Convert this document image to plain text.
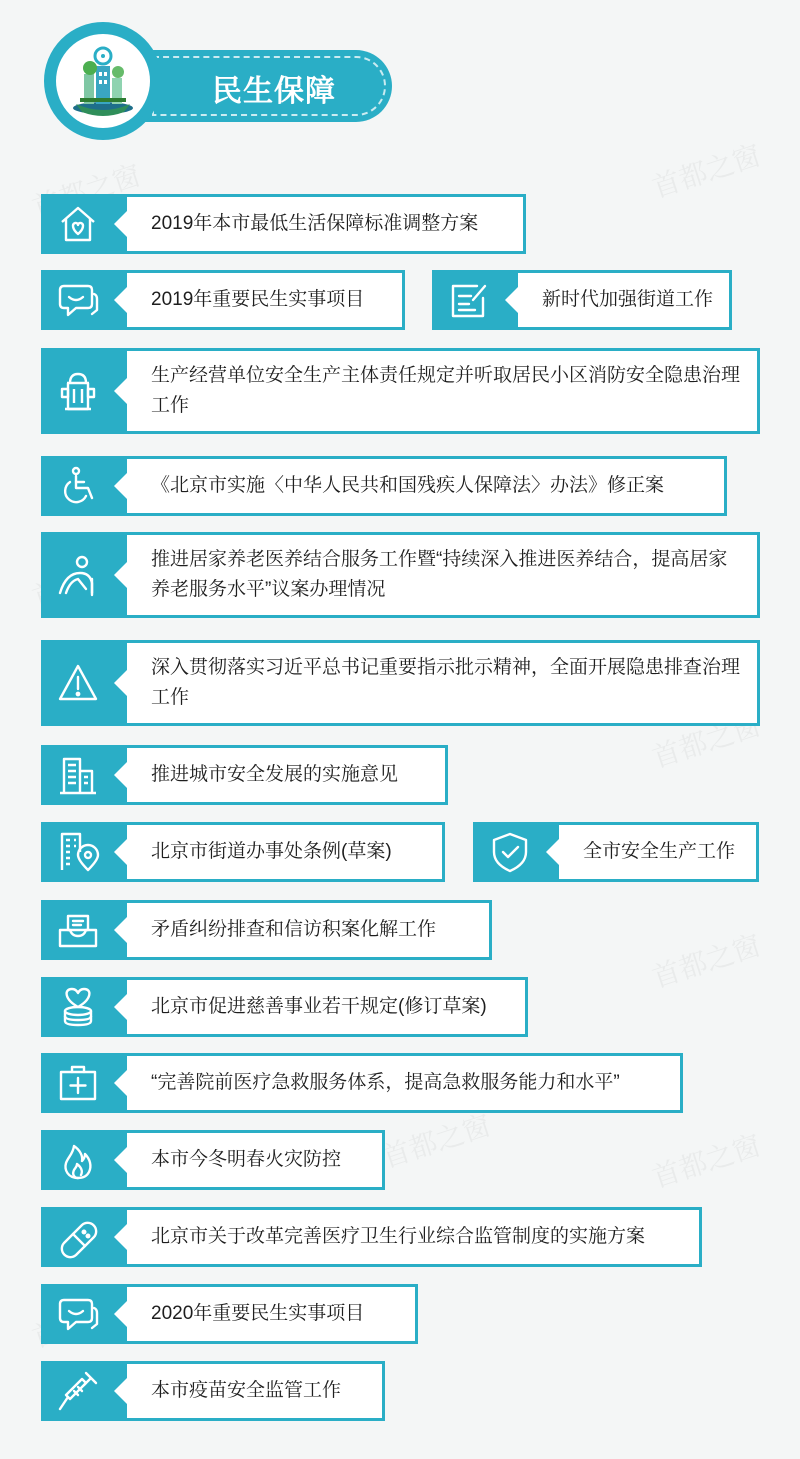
首都之窗	首都之窗
首都之窗
首都之窗
首都之窗	首都之窗
民生保障
2019年本市最低生活保障标准调整方案
2019年重要民生实事项目	新时代加强街道工作
生产经营单位安全生产主体责任规定并听取居民小区消防安全隐患治理工作
《北京市实施〈中华人民共和国残疾人保障法〉办法》修正案
推进居家养老医养结合服务工作暨“持续深入推进医养结合，提高居家养老服务水平”议案办理情况
深入贯彻落实习近平总书记重要指示批示精神，全面开展隐患排查治理工作
推进城市安全发展的实施意见
北京市街道办事处条例(草案)	全市安全生产工作
矛盾纠纷排查和信访积案化解工作
北京市促进慈善事业若干规定(修订草案)
“完善院前医疗急救服务体系，提高急救服务能力和水平”
本市今冬明春火灾防控
北京市关于改革完善医疗卫生行业综合监管制度的实施方案
2020年重要民生实事项目
本市疫苗安全监管工作
